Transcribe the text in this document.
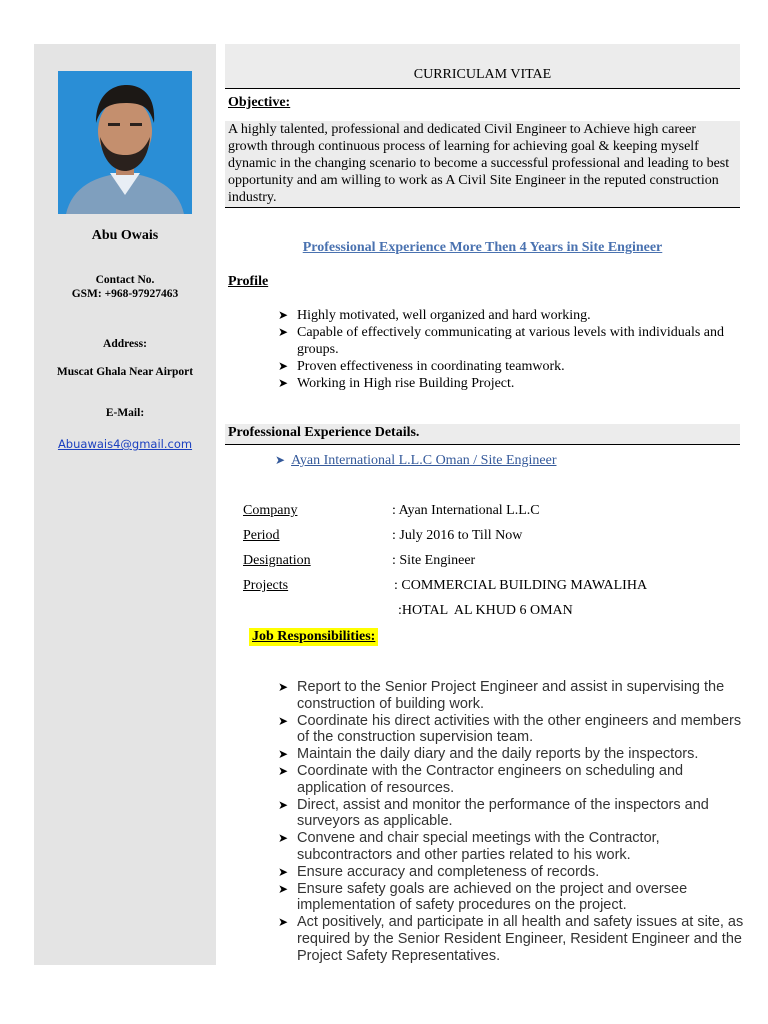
Abu Owais
Contact No.
GSM: +968-97927463
Address:
Muscat Ghala Near Airport
E-Mail:
Abuawais4@gmail.com
CURRICULAM VITAE
Objective:
A highly talented, professional and dedicated Civil Engineer to Achieve high career growth through continuous process of learning for achieving goal & keeping myself dynamic in the changing scenario to become a successful professional and leading to best opportunity and am willing to work as A Civil Site Engineer in the reputed construction industry.
Professional Experience More Then 4 Years in Site Engineer
Profile
➤ Highly motivated, well organized and hard working.
➤ Capable of effectively communicating at various levels with individuals and groups.
➤ Proven effectiveness in coordinating teamwork.
➤ Working in High rise Building Project.
Professional Experience Details.
➤ Ayan International L.L.C Oman / Site Engineer
Company	: Ayan International L.L.C
Period	: July 2016 to Till Now
Designation	: Site Engineer
Projects	: COMMERCIAL BUILDING MAWALIHA
:HOTAL  AL KHUD 6 OMAN
Job Responsibilities:
➤ Report to the Senior Project Engineer and assist in supervising the construction of building work.
➤ Coordinate his direct activities with the other engineers and members of the construction supervision team.
➤ Maintain the daily diary and the daily reports by the inspectors.
➤ Coordinate with the Contractor engineers on scheduling and application of resources.
➤ Direct, assist and monitor the performance of the inspectors and surveyors as applicable.
➤ Convene and chair special meetings with the Contractor, subcontractors and other parties related to his work.
➤ Ensure accuracy and completeness of records.
➤ Ensure safety goals are achieved on the project and oversee implementation of safety procedures on the project.
➤ Act positively, and participate in all health and safety issues at site, as required by the Senior Resident Engineer, Resident Engineer and the Project Safety Representatives.
